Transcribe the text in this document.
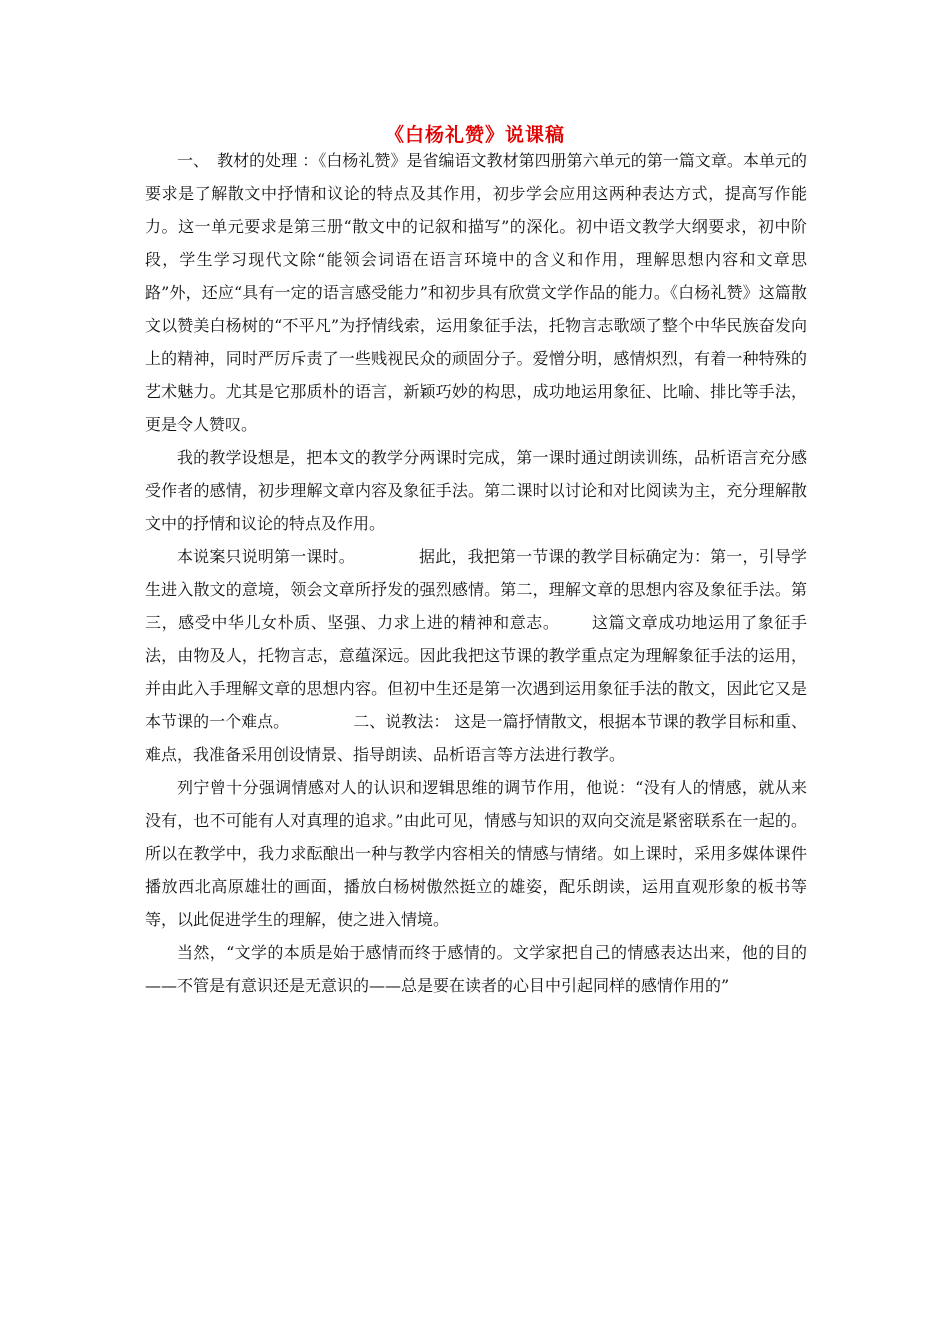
《白杨礼赞》说课稿

一、　教材的处理 ：《白杨礼赞》是省编语文教材第四册第六单元的第一篇文章。本单元的要求是了解散文中抒情和议论的特点及其作用，初步学会应用这两种表达方式，提高写作能力。这一单元要求是第三册“散文中的记叙和描写”的深化。初中语文教学大纲要求，初中阶段，学生学习现代文除“能领会词语在语言环境中的含义和作用，理解思想内容和文章思路”外，还应“具有一定的语言感受能力”和初步具有欣赏文学作品的能力。《白杨礼赞》这篇散文以赞美白杨树的“不平凡”为抒情线索，运用象征手法，托物言志歌颂了整个中华民族奋发向上的精神，同时严厉斥责了一些贱视民众的顽固分子。爱憎分明，感情炽烈，有着一种特殊的艺术魅力。尤其是它那质朴的语言，新颖巧妙的构思，成功地运用象征、比喻、排比等手法，更是令人赞叹。

我的教学设想是，把本文的教学分两课时完成，第一课时通过朗读训练，品析语言充分感受作者的感情，初步理解文章内容及象征手法。第二课时以讨论和对比阅读为主，充分理解散文中的抒情和议论的特点及作用。

本说案只说明第一课时。	据此，我把第一节课的教学目标确定为：第一，引导学生进入散文的意境，领会文章所抒发的强烈感情。第二，理解文章的思想内容及象征手法。第三，感受中华儿女朴质、坚强、力求上进的精神和意志。 这篇文章成功地运用了象征手法，由物及人，托物言志，意蕴深远。因此我把这节课的教学重点定为理解象征手法的运用，并由此入手理解文章的思想内容。但初中生还是第一次遇到运用象征手法的散文，因此它又是本节课的一个难点。	二、说教法： 这是一篇抒情散文，根据本节课的教学目标和重、难点，我准备采用创设情景、指导朗读、品析语言等方法进行教学。

列宁曾十分强调情感对人的认识和逻辑思维的调节作用，他说：“没有人的情感，就从来没有，也不可能有人对真理的追求。”由此可见，情感与知识的双向交流是紧密联系在一起的。所以在教学中，我力求酝酿出一种与教学内容相关的情感与情绪。如上课时，采用多媒体课件播放西北高原雄壮的画面，播放白杨树傲然挺立的雄姿，配乐朗读，运用直观形象的板书等等，以此促进学生的理解，使之进入情境。

当然，“文学的本质是始于感情而终于感情的。文学家把自己的情感表达出来，他的目的——不管是有意识还是无意识的——总是要在读者的心目中引起同样的感情作用的”
